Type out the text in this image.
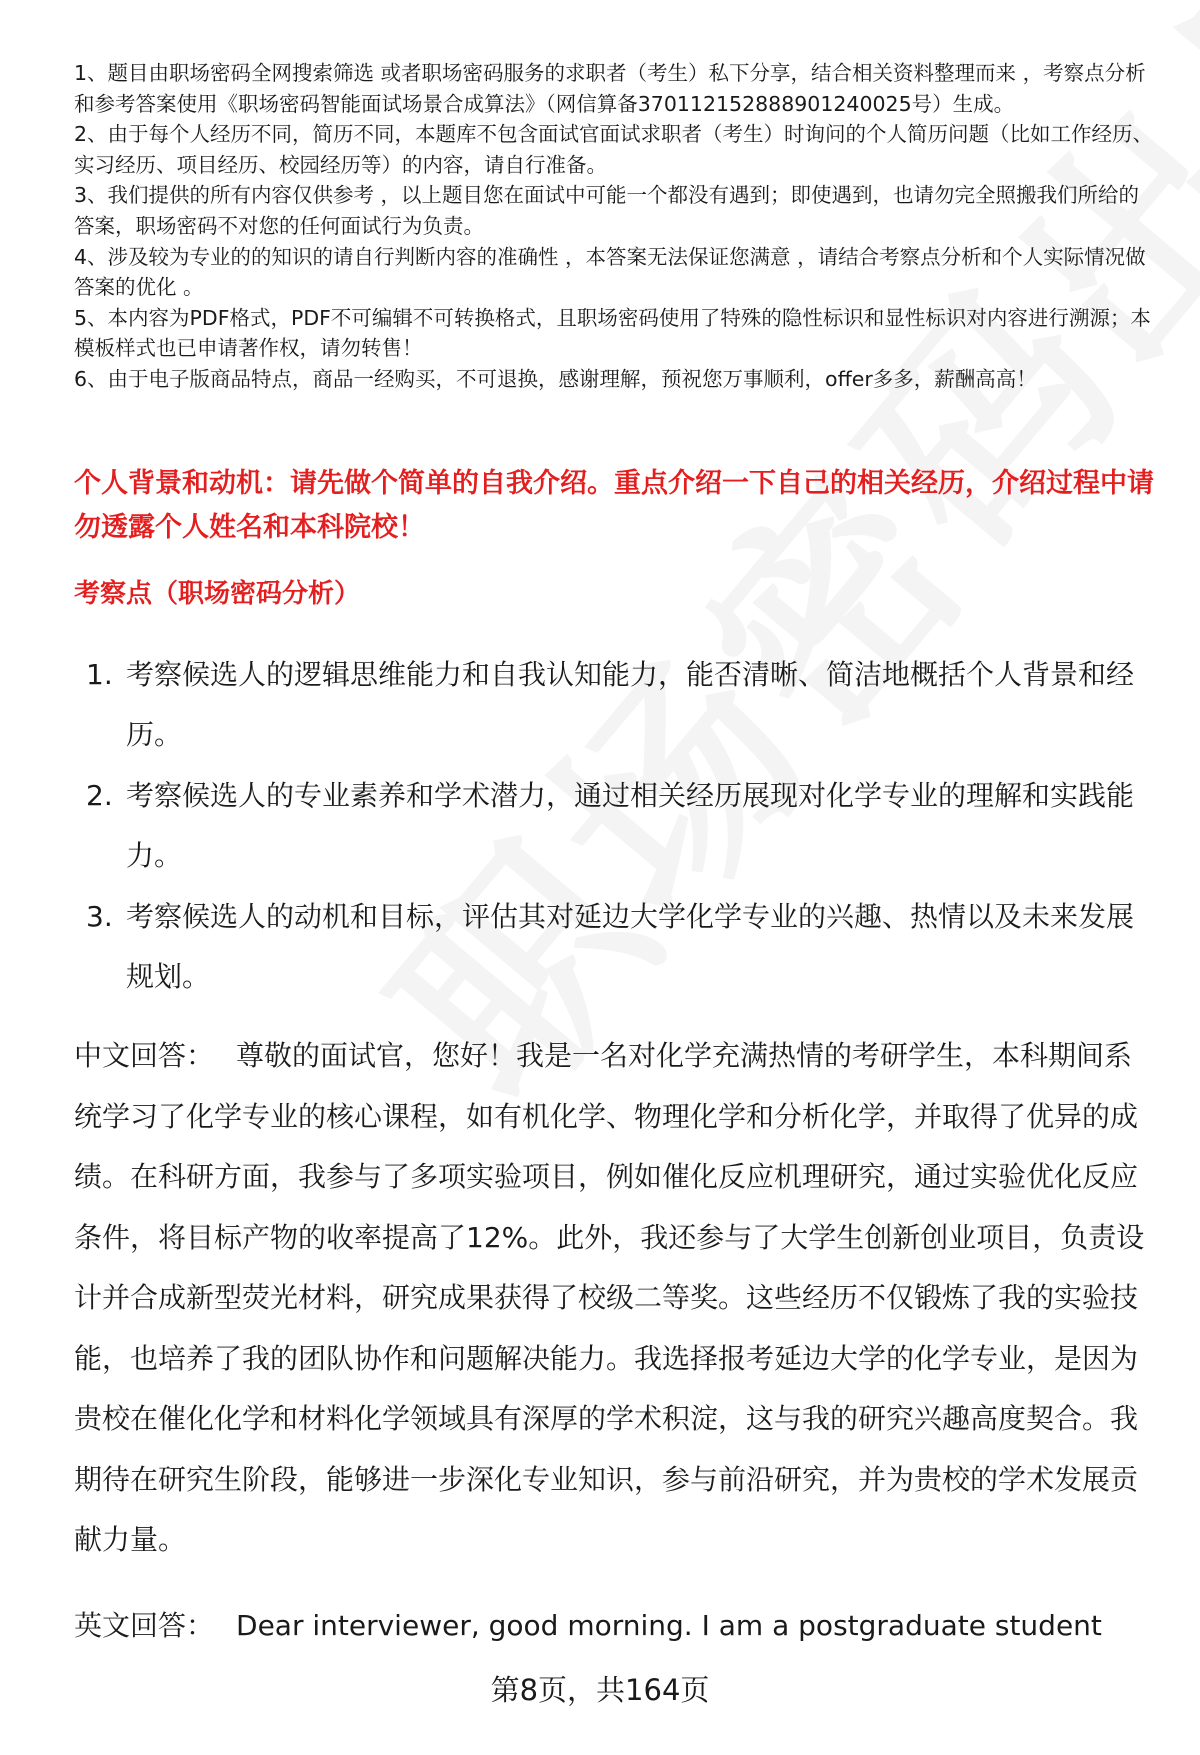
1、题目由职场密码全网搜索筛选 或者职场密码服务的求职者（考生）私下分享，结合相关资料整理而来 ，考察点分析和参考答案使用《职场密码智能面试场景合成算法》（网信算备370112152888901240025号）生成。

2、由于每个人经历不同，简历不同，本题库不包含面试官面试求职者（考生）时询问的个人简历问题（比如工作经历、实习经历、项目经历、校园经历等）的内容，请自行准备。

3、我们提供的所有内容仅供参考 ，以上题目您在面试中可能一个都没有遇到；即使遇到，也请勿完全照搬我们所给的答案，职场密码不对您的任何面试行为负责。

4、涉及较为专业的的知识的请自行判断内容的准确性 ，本答案无法保证您满意 ，请结合考察点分析和个人实际情况做答案的优化 。

5、本内容为PDF格式，PDF不可编辑不可转换格式，且职场密码使用了特殊的隐性标识和显性标识对内容进行溯源；本模板样式也已申请著作权，请勿转售！

6、由于电子版商品特点，商品一经购买，不可退换，感谢理解，预祝您万事顺利，offer多多，薪酬高高！

个人背景和动机：请先做个简单的自我介绍。重点介绍一下自己的相关经历，介绍过程中请勿透露个人姓名和本科院校！
考察点（职场密码分析）
1. 考察候选人的逻辑思维能力和自我认知能力，能否清晰、简洁地概括个人背景和经历。
2. 考察候选人的专业素养和学术潜力，通过相关经历展现对化学专业的理解和实践能力。
3. 考察候选人的动机和目标，评估其对延边大学化学专业的兴趣、热情以及未来发展规划。

中文回答： 尊敬的面试官，您好！我是一名对化学充满热情的考研学生，本科期间系统学习了化学专业的核心课程，如有机化学、物理化学和分析化学，并取得了优异的成绩。在科研方面，我参与了多项实验项目，例如催化反应机理研究，通过实验优化反应条件，将目标产物的收率提高了12%。此外，我还参与了大学生创新创业项目，负责设计并合成新型荧光材料，研究成果获得了校级二等奖。这些经历不仅锻炼了我的实验技能，也培养了我的团队协作和问题解决能力。我选择报考延边大学的化学专业，是因为贵校在催化化学和材料化学领域具有深厚的学术积淀，这与我的研究兴趣高度契合。我期待在研究生阶段，能够进一步深化专业知识，参与前沿研究，并为贵校的学术发展贡献力量。

英文回答： Dear interviewer, good morning. I am a postgraduate student

第8页，共164页
